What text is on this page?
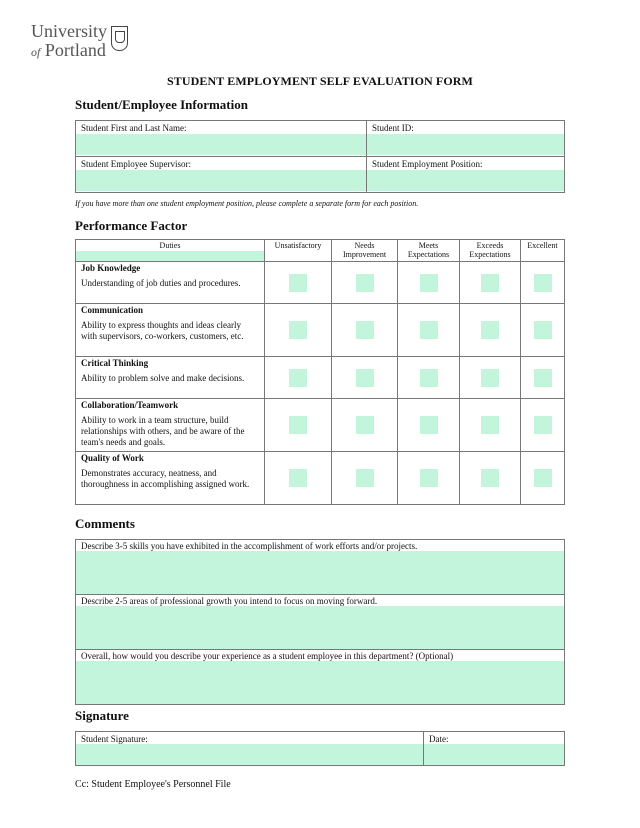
University
of Portland
STUDENT EMPLOYMENT SELF EVALUATION FORM
Student/Employee Information
Student First and Last Name:	Student ID:

Student Employee Supervisor:	Student Employment Position:
If you have more than one student employment position, please complete a separate form for each position.
Performance Factor
Duties	Unsatisfactory	Needs Improvement	Meets Expectations	Exceeds Expectations	Excellent

Job Knowledge
Understanding of job duties and procedures.					

Communication
Ability to express thoughts and ideas clearly with supervisors, co-workers, customers, etc.					

Critical Thinking
Ability to problem solve and make decisions.					

Collaboration/Teamwork
Ability to work in a team structure, build relationships with others, and be aware of the team's needs and goals.					

Quality of Work
Demonstrates accuracy, neatness, and thoroughness in accomplishing assigned work.					

Comments
Describe 3-5 skills you have exhibited in the accomplishment of work efforts and/or projects.

Describe 2-5 areas of professional growth you intend to focus on moving forward.

Overall, how would you describe your experience as a student employee in this department? (Optional)
Signature
Student Signature:	Date:
Cc: Student Employee's Personnel File
